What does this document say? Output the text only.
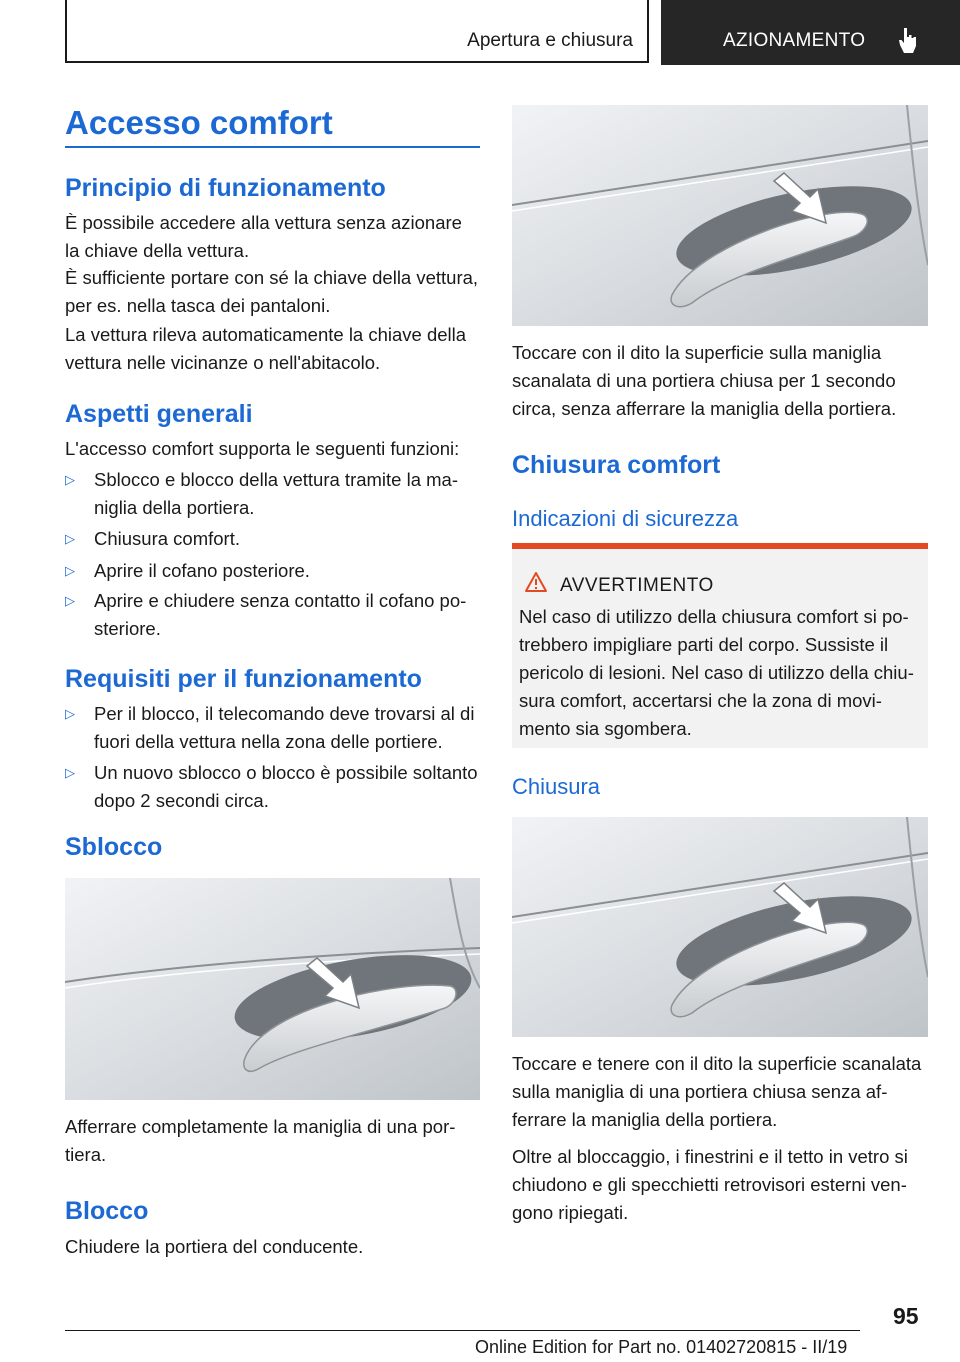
Apertura e chiusura	AZIONAMENTO
Accesso comfort
Principio di funzionamento
È possibile accedere alla vettura senza azionare la chiave della vettura.
È sufficiente portare con sé la chiave della vettura, per es. nella tasca dei pantaloni.
La vettura rileva automaticamente la chiave della vettura nelle vicinanze o nell'abitacolo.
Aspetti generali
L'accesso comfort supporta le seguenti funzioni:
▷	Sblocco e blocco della vettura tramite la maniglia della portiera.
▷	Chiusura comfort.
▷	Aprire il cofano posteriore.
▷	Aprire e chiudere senza contatto il cofano posteriore.
Requisiti per il funzionamento
▷	Per il blocco, il telecomando deve trovarsi al di fuori della vettura nella zona delle portiere.
▷	Un nuovo sblocco o blocco è possibile soltanto dopo 2 secondi circa.
Sblocco
Afferrare completamente la maniglia di una portiera.
Blocco
Chiudere la portiera del conducente.
Toccare con il dito la superficie sulla maniglia scanalata di una portiera chiusa per 1 secondo circa, senza afferrare la maniglia della portiera.
Chiusura comfort
Indicazioni di sicurezza
AVVERTIMENTO
Nel caso di utilizzo della chiusura comfort si potrebbero impigliare parti del corpo. Sussiste il pericolo di lesioni. Nel caso di utilizzo della chiusura comfort, accertarsi che la zona di movimento sia sgombera.
Chiusura
Toccare e tenere con il dito la superficie scanalata sulla maniglia di una portiera chiusa senza afferrare la maniglia della portiera.
Oltre al bloccaggio, i finestrini e il tetto in vetro si chiudono e gli specchietti retrovisori esterni vengono ripiegati.
95
Online Edition for Part no. 01402720815 - II/19
